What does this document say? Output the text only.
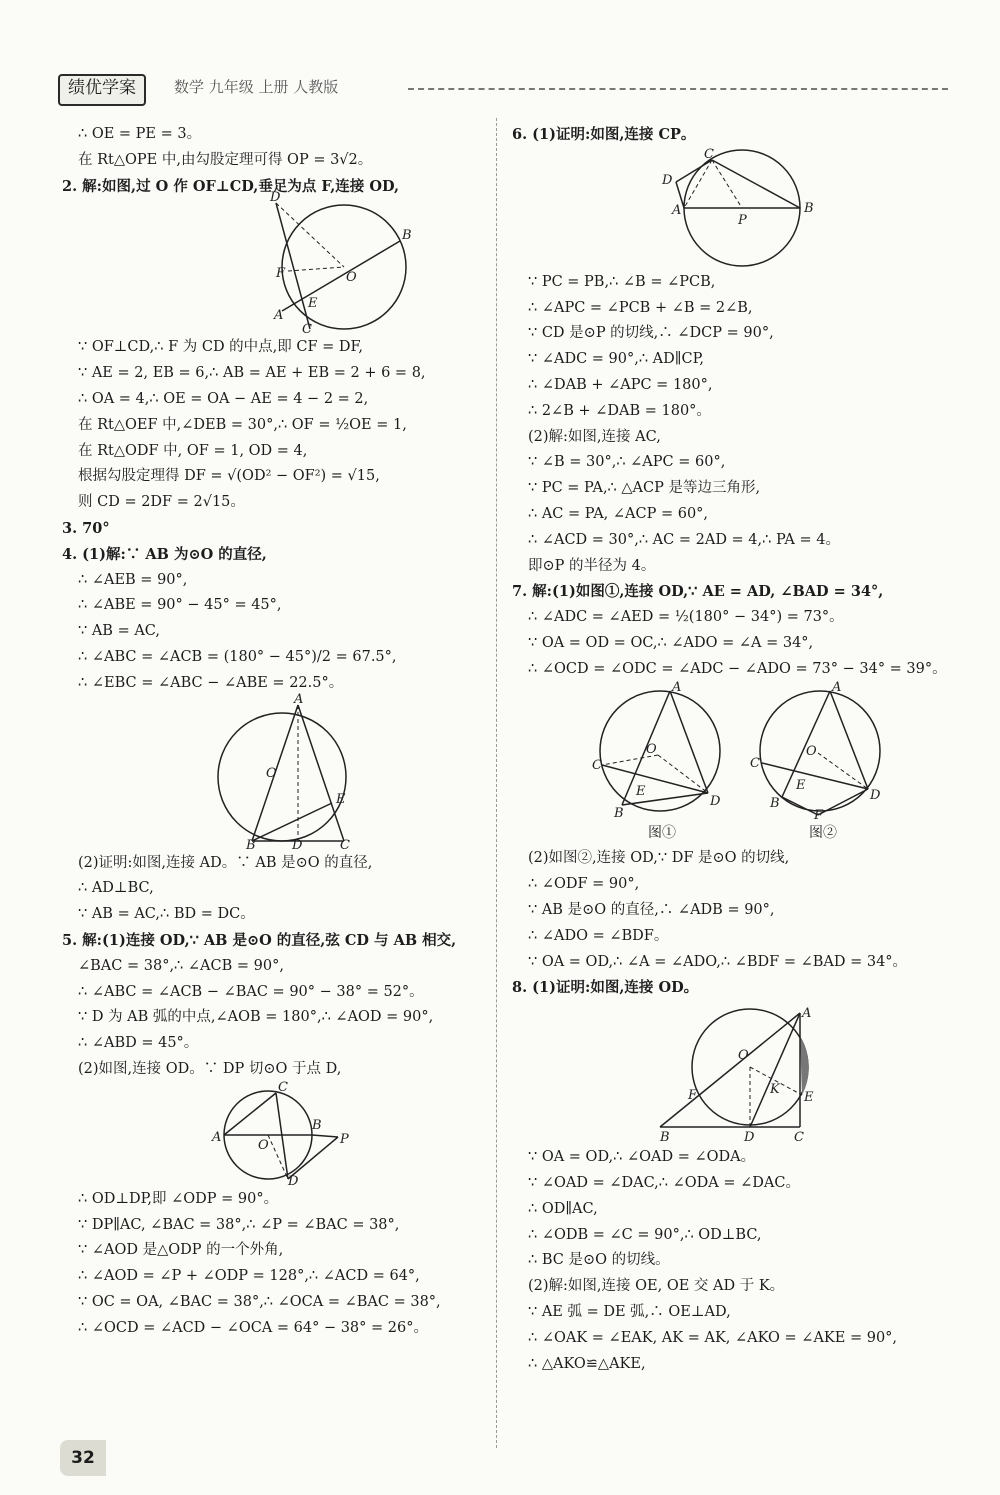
绩优学案	数学 九年级 上册 人教版
∴ OE = PE = 3。
在 Rt△OPE 中,由勾股定理可得 OP = 3√2。
2. 解:如图,过 O 作 OF⊥CD,垂足为点 F,连接 OD,
D
B
F	O
A
E
C
∵ OF⊥CD,∴ F 为 CD 的中点,即 CF = DF,
∵ AE = 2, EB = 6,∴ AB = AE + EB = 2 + 6 = 8,
∴ OA = 4,∴ OE = OA − AE = 4 − 2 = 2,
在 Rt△OEF 中,∠DEB = 30°,∴ OF = ½OE = 1,
在 Rt△ODF 中, OF = 1, OD = 4,
根据勾股定理得 DF = √(OD² − OF²) = √15,
则 CD = 2DF = 2√15。
3. 70°
4. (1)解:∵ AB 为⊙O 的直径,
∴ ∠AEB = 90°,
∴ ∠ABE = 90° − 45° = 45°,
∵ AB = AC,
∴ ∠ABC = ∠ACB = (180° − 45°)/2 = 67.5°,
∴ ∠EBC = ∠ABC − ∠ABE = 22.5°。
A
O
E
B	D	C
(2)证明:如图,连接 AD。∵ AB 是⊙O 的直径,
∴ AD⊥BC,
∵ AB = AC,∴ BD = DC。
5. 解:(1)连接 OD,∵ AB 是⊙O 的直径,弦 CD 与 AB 相交,
∠BAC = 38°,∴ ∠ACB = 90°,
∴ ∠ABC = ∠ACB − ∠BAC = 90° − 38° = 52°。
∵ D 为 AB 弧的中点,∠AOB = 180°,∴ ∠AOD = 90°,
∴ ∠ABD = 45°。
(2)如图,连接 OD。∵ DP 切⊙O 于点 D,
A
O
C
B
P
D
∴ OD⊥DP,即 ∠ODP = 90°。
∵ DP∥AC, ∠BAC = 38°,∴ ∠P = ∠BAC = 38°,
∵ ∠AOD 是△ODP 的一个外角,
∴ ∠AOD = ∠P + ∠ODP = 128°,∴ ∠ACD = 64°,
∵ OC = OA, ∠BAC = 38°,∴ ∠OCA = ∠BAC = 38°,
∴ ∠OCD = ∠ACD − ∠OCA = 64° − 38° = 26°。
6. (1)证明:如图,连接 CP。
C
D
A
P
B
∵ PC = PB,∴ ∠B = ∠PCB,
∴ ∠APC = ∠PCB + ∠B = 2∠B,
∵ CD 是⊙P 的切线,∴ ∠DCP = 90°,
∵ ∠ADC = 90°,∴ AD∥CP,
∴ ∠DAB + ∠APC = 180°,
∴ 2∠B + ∠DAB = 180°。
(2)解:如图,连接 AC,
∵ ∠B = 30°,∴ ∠APC = 60°,
∵ PC = PA,∴ △ACP 是等边三角形,
∴ AC = PA, ∠ACP = 60°,
∴ ∠ACD = 30°,∴ AC = 2AD = 4,∴ PA = 4。
即⊙P 的半径为 4。
7. 解:(1)如图①,连接 OD,∵ AE = AD, ∠BAD = 34°,
∴ ∠ADC = ∠AED = ½(180° − 34°) = 73°。
∵ OA = OD = OC,∴ ∠ADO = ∠A = 34°,
∴ ∠OCD = ∠ODC = ∠ADC − ∠ADO = 73° − 34° = 39°。
A
O
C
E
B
D
图①
A
O
C
E
B
D
F
图②
(2)如图②,连接 OD,∵ DF 是⊙O 的切线,
∴ ∠ODF = 90°,
∵ AB 是⊙O 的直径,∴ ∠ADB = 90°,
∴ ∠ADO = ∠BDF。
∵ OA = OD,∴ ∠A = ∠ADO,∴ ∠BDF = ∠BAD = 34°。
8. (1)证明:如图,连接 OD。
A
O
K
E
F
B	D	C
∵ OA = OD,∴ ∠OAD = ∠ODA。
∵ ∠OAD = ∠DAC,∴ ∠ODA = ∠DAC。
∴ OD∥AC,
∴ ∠ODB = ∠C = 90°,∴ OD⊥BC,
∴ BC 是⊙O 的切线。
(2)解:如图,连接 OE, OE 交 AD 于 K。
∵ AE 弧 = DE 弧,∴ OE⊥AD,
∴ ∠OAK = ∠EAK, AK = AK, ∠AKO = ∠AKE = 90°,
∴ △AKO≌△AKE,
32
